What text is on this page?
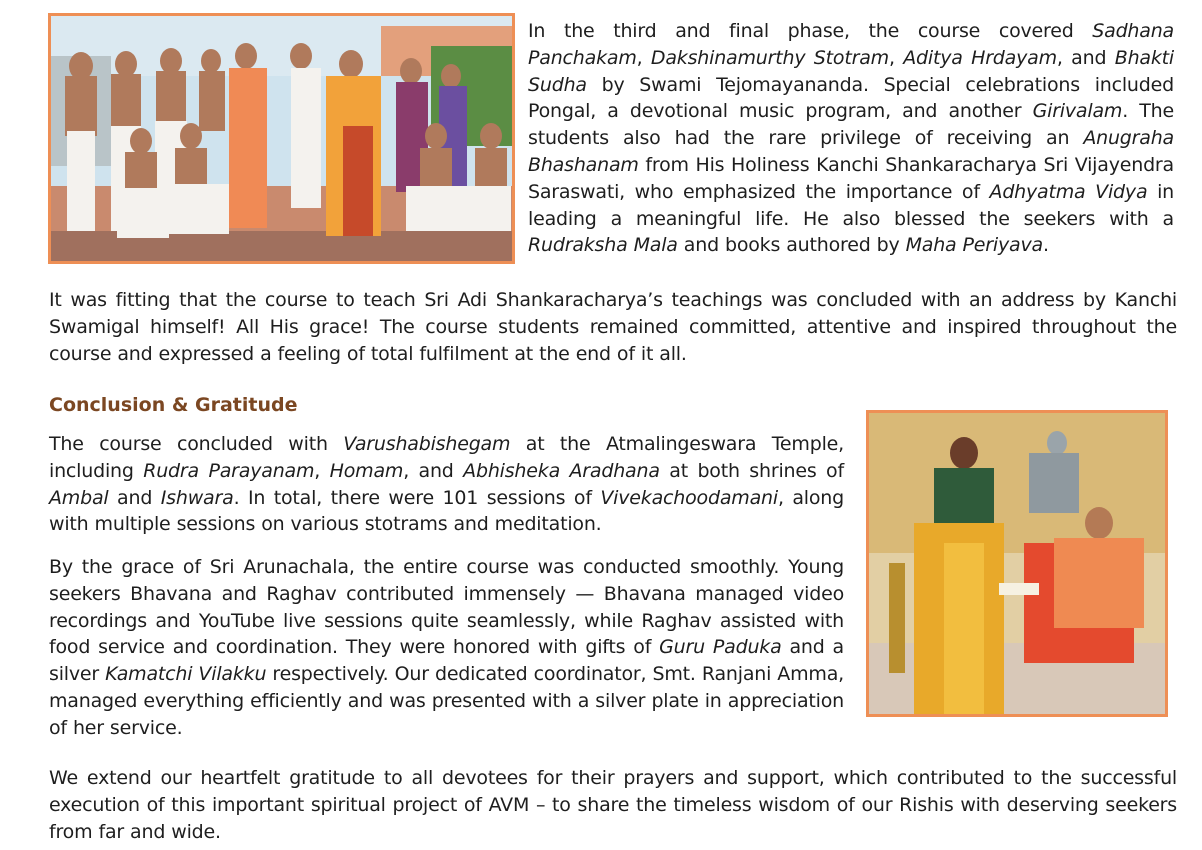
In the third and final phase, the course covered Sadhana Panchakam, Dakshinamurthy Stotram, Aditya Hrdayam, and Bhakti Sudha by Swami Tejomayananda. Special celebrations included Pongal, a devotional music program, and another Girivalam. The students also had the rare privilege of receiving an Anugraha Bhashanam from His Holiness Kanchi Shankaracharya Sri Vijayendra Saraswati, who emphasized the importance of Adhyatma Vidya in leading a meaningful life. He also blessed the seekers with a Rudraksha Mala and books authored by Maha Periyava.

It was fitting that the course to teach Sri Adi Shankaracharya’s teachings was concluded with an address by Kanchi Swamigal himself! All His grace! The course students remained committed, attentive and inspired throughout the course and expressed a feeling of total fulfilment at the end of it all.

Conclusion & Gratitude

The course concluded with Varushabishegam at the Atmalingeswara Temple, including Rudra Parayanam, Homam, and Abhisheka Aradhana at both shrines of Ambal and Ishwara. In total, there were 101 sessions of Vivekachoodamani, along with multiple sessions on various stotrams and meditation.

By the grace of Sri Arunachala, the entire course was conducted smoothly. Young seekers Bhavana and Raghav contributed immensely — Bhavana managed video recordings and YouTube live sessions quite seamlessly, while Raghav assisted with food service and coordination. They were honored with gifts of Guru Paduka and a silver Kamatchi Vilakku respectively. Our dedicated coordinator, Smt. Ranjani Amma, managed everything efficiently and was presented with a silver plate in appreciation of her service.

We extend our heartfelt gratitude to all devotees for their prayers and support, which contributed to the successful execution of this important spiritual project of AVM – to share the timeless wisdom of our Rishis with deserving seekers from far and wide.
